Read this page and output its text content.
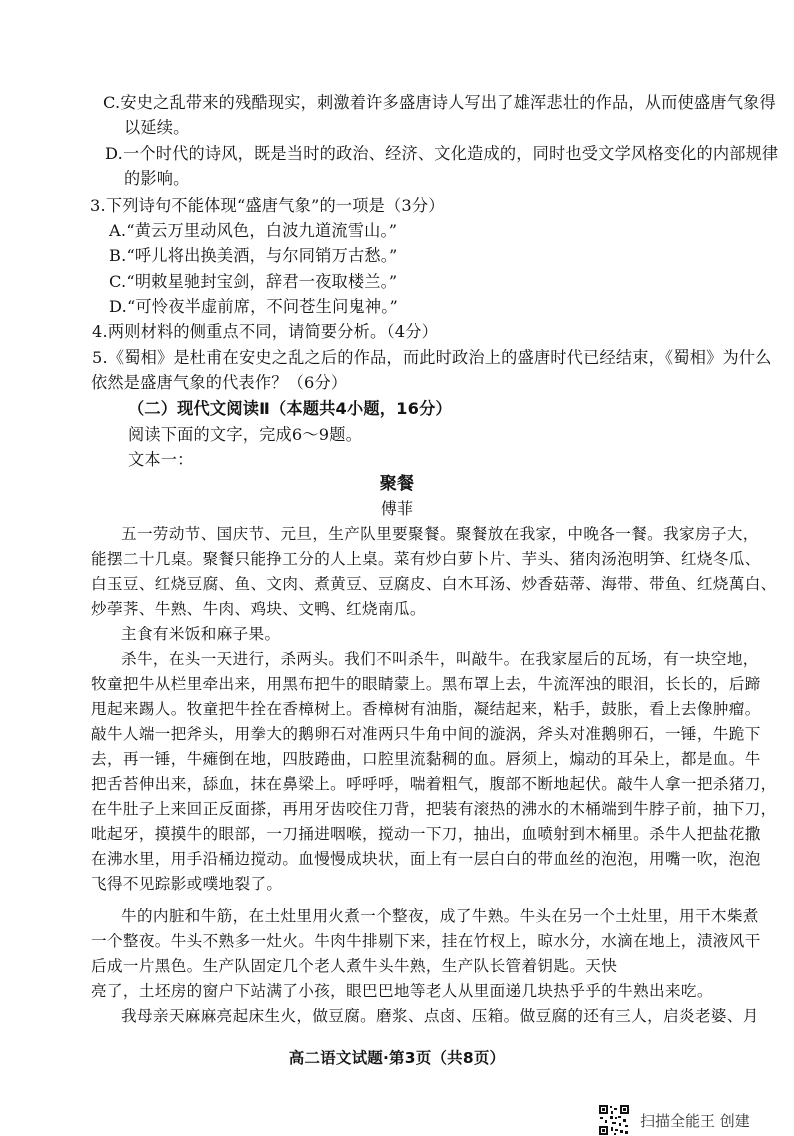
C.安史之乱带来的残酷现实，刺激着许多盛唐诗人写出了雄浑悲壮的作品，从而使盛唐气象得
以延续。
D.一个时代的诗风，既是当时的政治、经济、文化造成的，同时也受文学风格变化的内部规律
的影响。
3.下列诗句不能体现“盛唐气象”的一项是（3分）
A.“黄云万里动风色，白波九道流雪山。”
B.“呼儿将出换美酒，与尔同销万古愁。”
C.“明敕星驰封宝剑，辞君一夜取楼兰。”
D.“可怜夜半虚前席，不问苍生问鬼神。”
4.两则材料的侧重点不同，请简要分析。（4分）
5.《蜀相》是杜甫在安史之乱之后的作品，而此时政治上的盛唐时代已经结束，《蜀相》为什么
依然是盛唐气象的代表作？（6分）
（二）现代文阅读Ⅱ（本题共4小题，16分）
阅读下面的文字，完成6～9题。
文本一：
聚餐
傅菲
五一劳动节、国庆节、元旦，生产队里要聚餐。聚餐放在我家，中晚各一餐。我家房子大，
能摆二十几桌。聚餐只能挣工分的人上桌。菜有炒白萝卜片、芋头、猪肉汤泡明笋、红烧冬瓜、
白玉豆、红烧豆腐、鱼、文肉、煮黄豆、豆腐皮、白木耳汤、炒香菇蒂、海带、带鱼、红烧萬白、
炒荸荠、牛熟、牛肉、鸡块、文鸭、红烧南瓜。
主食有米饭和麻子果。
杀牛，在头一天进行，杀两头。我们不叫杀牛，叫敲牛。在我家屋后的瓦场，有一块空地，
牧童把牛从栏里牵出来，用黑布把牛的眼睛蒙上。黑布罩上去，牛流浑浊的眼泪，长长的，后蹄
甩起来踢人。牧童把牛拴在香樟树上。香樟树有油脂，凝结起来，粘手，鼓胀，看上去像肿瘤。
敲牛人端一把斧头，用拳大的鹅卵石对准两只牛角中间的漩涡，斧头对准鹅卵石，一锤，牛跪下
去，再一锤，牛瘫倒在地，四肢踡曲，口腔里流黏稠的血。唇须上，煽动的耳朵上，都是血。牛
把舌苔伸出来，舔血，抹在鼻梁上。呼呼呼，喘着粗气，腹部不断地起伏。敲牛人拿一把杀猪刀，
在牛肚子上来回正反面搽，再用牙齿咬住刀背，把装有滚热的沸水的木桶端到牛脖子前，抽下刀，
吡起牙，摸摸牛的眼部，一刀捅进咽喉，搅动一下刀，抽出，血喷射到木桶里。杀牛人把盐花撒
在沸水里，用手沿桶边搅动。血慢慢成块状，面上有一层白白的带血丝的泡泡，用嘴一吹，泡泡
飞得不见踪影或噗地裂了。
牛的内脏和牛筋，在土灶里用火煮一个整夜，成了牛熟。牛头在另一个土灶里，用干木柴煮
一个整夜。牛头不熟多一灶火。牛肉牛排剔下来，挂在竹杈上，晾水分，水滴在地上，渍液风干
后成一片黑色。生产队固定几个老人煮牛头牛熟，生产队长管着钥匙。天快
亮了，土坯房的窗户下站满了小孩，眼巴巴地等老人从里面递几块热乎乎的牛熟出来吃。
我母亲天麻麻亮起床生火，做豆腐。磨浆、点卤、压箱。做豆腐的还有三人，启炎老婆、月
高二语文试题·第3页（共8页）
扫描全能王 创建
